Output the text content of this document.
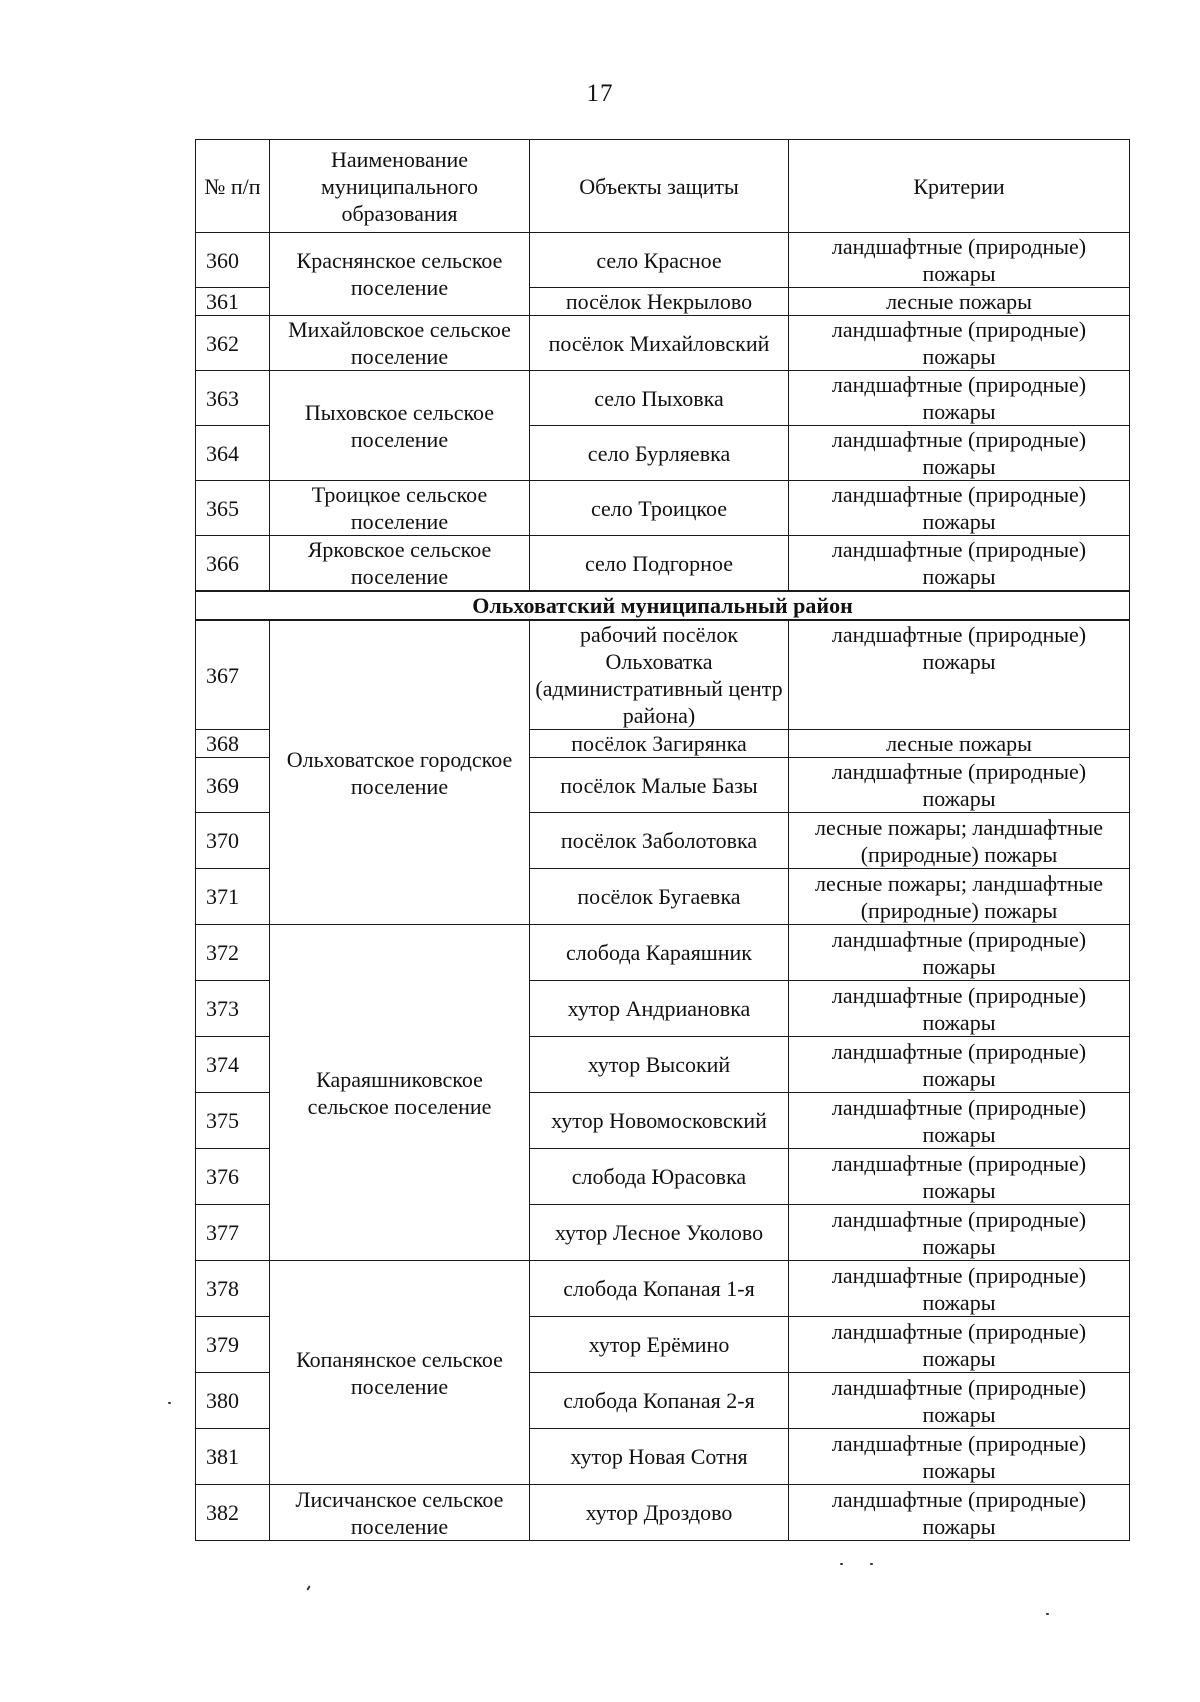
17
№ п/п	Наименование муниципального образования	Объекты защиты	Критерии
360	Краснянское сельское поселение	село Красное	ландшафтные (природные) пожары
361		посёлок Некрылово	лесные пожары
362	Михайловское сельское поселение	посёлок Михайловский	ландшафтные (природные) пожары
363	Пыховское сельское поселение	село Пыховка	ландшафтные (природные) пожары
364		село Бурляевка	ландшафтные (природные) пожары
365	Троицкое сельское поселение	село Троицкое	ландшафтные (природные) пожары
366	Ярковское сельское поселение	село Подгорное	ландшафтные (природные) пожары
Ольховатский муниципальный район			
367	Ольховатское городское поселение	рабочий посёлок Ольховатка (административный центр района)	ландшафтные (природные) пожары
368		посёлок Загирянка	лесные пожары
369		посёлок Малые Базы	ландшафтные (природные) пожары
370		посёлок Заболотовка	лесные пожары; ландшафтные (природные) пожары
371		посёлок Бугаевка	лесные пожары; ландшафтные (природные) пожары
372	Караяшниковское сельское поселение	слобода Караяшник	ландшафтные (природные) пожары
373		хутор Андриановка	ландшафтные (природные) пожары
374		хутор Высокий	ландшафтные (природные) пожары
375		хутор Новомосковский	ландшафтные (природные) пожары
376		слобода Юрасовка	ландшафтные (природные) пожары
377		хутор Лесное Уколово	ландшафтные (природные) пожары
378	Копанянское сельское поселение	слобода Копаная 1-я	ландшафтные (природные) пожары
379		хутор Ерёмино	ландшафтные (природные) пожары
380		слобода Копаная 2-я	ландшафтные (природные) пожары
381		хутор Новая Сотня	ландшафтные (природные) пожары
382	Лисичанское сельское поселение	хутор Дроздово	ландшафтные (природные) пожары
